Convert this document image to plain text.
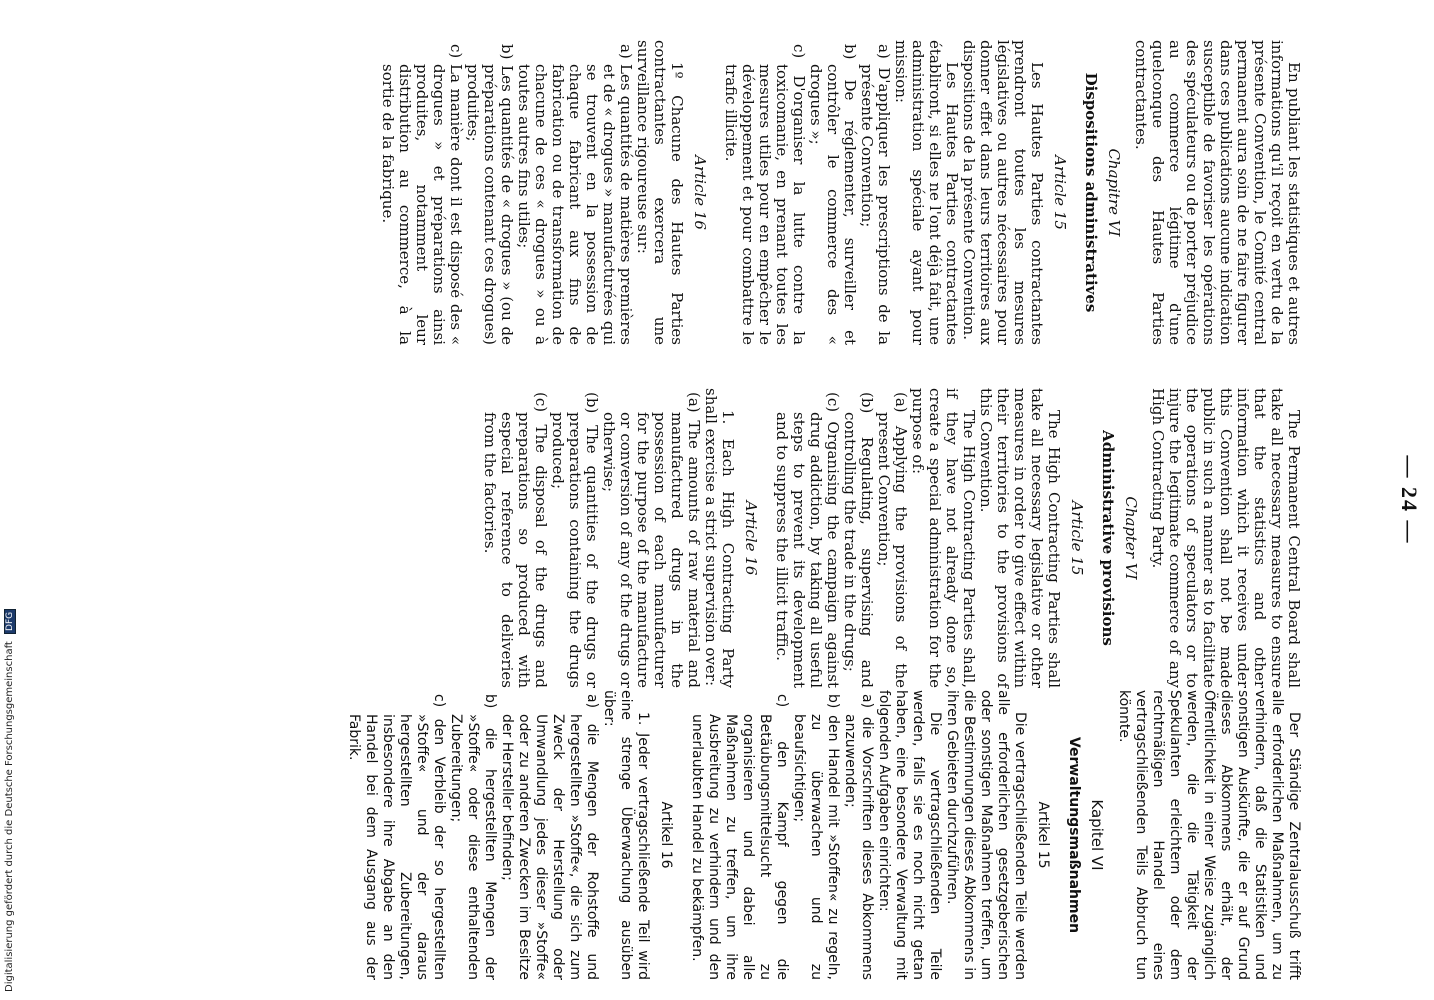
— 24 —

En publiant les statistiques et autres informations qu'il reçoit en vertu de la présente Convention, le Comité central permanent aura soin de ne faire figurer dans ces publications aucune indication susceptible de favoriser les opérations des spéculateurs ou de porter préjudice au commerce légitime d'une quelconque des Hautes Parties contractantes.

Chapitre VI
Dispositions administratives
Article 15

Les Hautes Parties contractantes prendront toutes les mesures législatives ou autres nécessaires pour donner effet dans leurs territoires aux dispositions de la présente Convention.

Les Hautes Parties contractantes établiront, si elles ne l'ont déjà fait, une administration spéciale ayant pour mission:

a) D'appliquer les prescriptions de la présente Convention;

b) De réglementer, surveiller et contrôler le commerce des « drogues »;

c) D'organiser la lutte contre la toxicomanie, en prenant toutes les mesures utiles pour en empêcher le développement et pour combattre le trafic illicite.

Article 16

1º Chacune des Hautes Parties contractantes exercera une surveillance rigoureuse sur:

a) Les quantités de matières premières et de « drogues » manufacturées qui se trouvent en la possession de chaque fabricant aux fins de fabrication ou de transformation de chacune de ces « drogues » ou à toutes autres fins utiles;

b) Les quantités de « drogues » (ou de préparations contenant ces drogues) produites;

c) La manière dont il est disposé des « drogues » et préparations ainsi produites, notamment leur distribution au commerce, à la sortie de la fabrique.

The Permanent Central Board shall take all necessary measures to ensure that the statistics and other information which it receives under this Convention shall not be made public in such a manner as to facilitate the operations of speculators or to injure the legitimate commerce of any High Contracting Party.

Chapter VI
Administrative provisions
Article 15

The High Contracting Parties shall take all necessary legislative or other measures in order to give effect within their territories to the provisions of this Convention.

The High Contracting Parties shall, if they have not already done so, create a special administration for the purpose of:

(a) Applying the provisions of the present Convention;

(b) Regulating, supervising and controlling the trade in the drugs;

(c) Organising the campaign against drug addiction, by taking all useful steps to prevent its development and to suppress the illicit traffic.

Article 16

1. Each High Contracting Party shall exercise a strict supervision over:

(a) The amounts of raw material and manufactured drugs in the possession of each manufacturer for the purpose of the manufacture or conversion of any of the drugs or otherwise;

(b) The quantities of the drugs or preparations containing the drugs produced;

(c) The disposal of the drugs and preparations so produced with especial reference to deliveries from the factories.

Der Ständige Zentralausschuß trifft alle erforderlichen Maßnahmen, um zu verhindern, daß die Statistiken und sonstigen Auskünfte, die er auf Grund dieses Abkommens erhält, der Öffentlichkeit in einer Weise zugänglich werden, die die Tätigkeit der Spekulanten erleichtern oder dem rechtmäßigen Handel eines vertragschließenden Teils Abbruch tun könnte.

Kapitel VI
Verwaltungsmaßnahmen
Artikel 15

Die vertragschließenden Teile werden alle erforderlichen gesetzgeberischen oder sonstigen Maßnahmen treffen, um die Bestimmungen dieses Abkommens in ihren Gebieten durchzuführen.

Die vertragschließenden Teile werden, falls sie es noch nicht getan haben, eine besondere Verwaltung mit folgenden Aufgaben einrichten:

a) die Vorschriften dieses Abkommens anzuwenden;

b) den Handel mit »Stoffen« zu regeln, zu überwachen und zu beaufsichtigen;

c) den Kampf gegen die Betäubungsmittelsucht zu organisieren und dabei alle Maßnahmen zu treffen, um ihre Ausbreitung zu verhindern und den unerlaubten Handel zu bekämpfen.

Artikel 16

1. Jeder vertragschließende Teil wird eine strenge Überwachung ausüben über:

a) die Mengen der Rohstoffe und hergestellten »Stoffe«, die sich zum Zweck der Herstellung oder Umwandlung jedes dieser »Stoffe« oder zu anderen Zwecken im Besitze der Hersteller befinden;

b) die hergestellten Mengen der »Stoffe« oder diese enthaltenden Zubereitungen;

c) den Verbleib der so hergestellten »Stoffe« und der daraus hergestellten Zubereitungen, insbesondere ihre Abgabe an den Handel bei dem Ausgang aus der Fabrik.

Digitalisierung gefördert durch die Deutsche Forschungsgemeinschaft DFG
